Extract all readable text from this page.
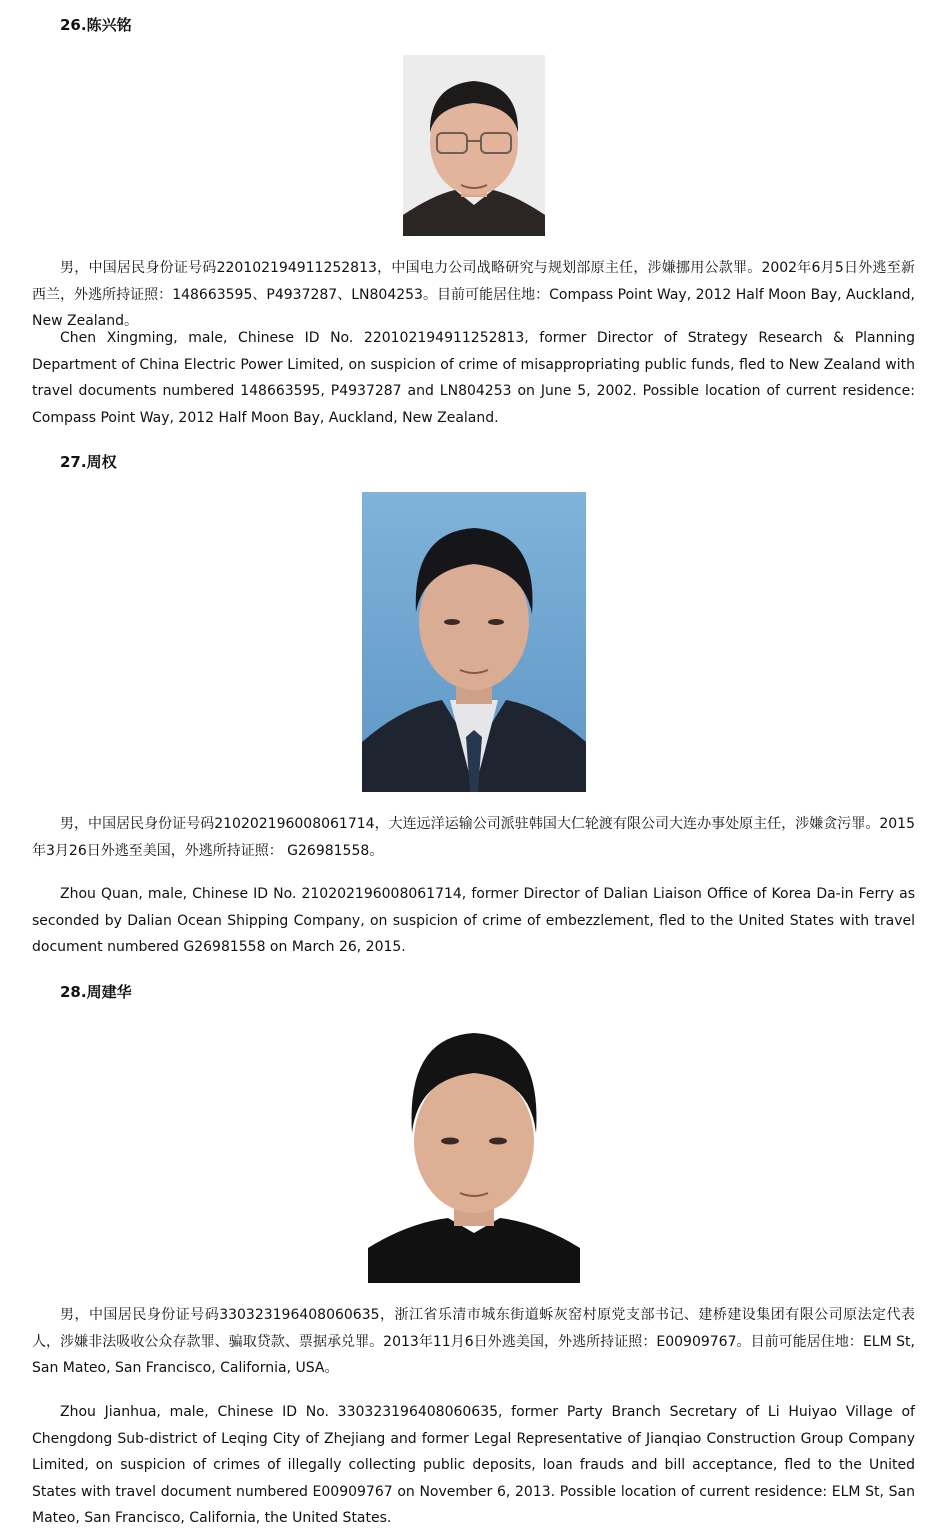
26.陈兴铭

男，中国居民身份证号码220102194911252813，中国电力公司战略研究与规划部原主任，涉嫌挪用公款罪。2002年6月5日外逃至新西兰，外逃所持证照：148663595、P4937287、LN804253。目前可能居住地：Compass Point Way, 2012 Half Moon Bay, Auckland, New Zealand。

Chen Xingming, male, Chinese ID No. 220102194911252813, former Director of Strategy Research & Planning Department of China Electric Power Limited, on suspicion of crime of misappropriating public funds, fled to New Zealand with travel documents numbered 148663595, P4937287 and LN804253 on June 5, 2002. Possible location of current residence: Compass Point Way, 2012 Half Moon Bay, Auckland, New Zealand.

27.周权

男，中国居民身份证号码210202196008061714，大连远洋运输公司派驻韩国大仁轮渡有限公司大连办事处原主任，涉嫌贪污罪。2015年3月26日外逃至美国，外逃所持证照： G26981558。

Zhou Quan, male, Chinese ID No. 210202196008061714, former Director of Dalian Liaison Office of Korea Da-in Ferry as seconded by Dalian Ocean Shipping Company, on suspicion of crime of embezzlement, fled to the United States with travel document numbered G26981558 on March 26, 2015.

28.周建华

男，中国居民身份证号码330323196408060635，浙江省乐清市城东街道蚸灰窑村原党支部书记、建桥建设集团有限公司原法定代表人，涉嫌非法吸收公众存款罪、骗取贷款、票据承兑罪。2013年11月6日外逃美国，外逃所持证照：E00909767。目前可能居住地：ELM St, San Mateo, San Francisco, California, USA。

Zhou Jianhua, male, Chinese ID No. 330323196408060635, former Party Branch Secretary of Li Huiyao Village of Chengdong Sub-district of Leqing City of Zhejiang and former Legal Representative of Jianqiao Construction Group Company Limited, on suspicion of crimes of illegally collecting public deposits, loan frauds and bill acceptance, fled to the United States with travel document numbered E00909767 on November 6, 2013. Possible location of current residence: ELM St, San Mateo, San Francisco, California, the United States.
